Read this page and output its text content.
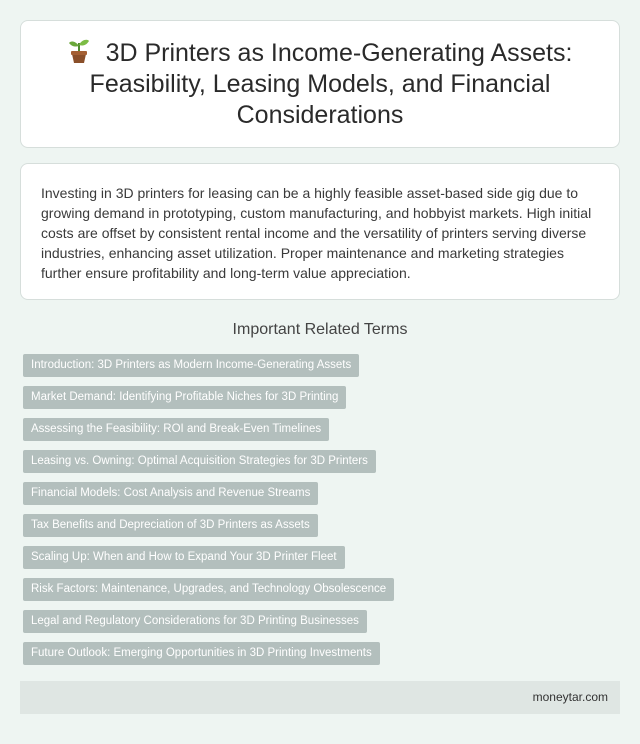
3D Printers as Income-Generating Assets: Feasibility, Leasing Models, and Financial Considerations

Investing in 3D printers for leasing can be a highly feasible asset-based side gig due to growing demand in prototyping, custom manufacturing, and hobbyist markets. High initial costs are offset by consistent rental income and the versatility of printers serving diverse industries, enhancing asset utilization. Proper maintenance and marketing strategies further ensure profitability and long-term value appreciation.

Important Related Terms
Introduction: 3D Printers as Modern Income-Generating Assets
Market Demand: Identifying Profitable Niches for 3D Printing
Assessing the Feasibility: ROI and Break-Even Timelines
Leasing vs. Owning: Optimal Acquisition Strategies for 3D Printers
Financial Models: Cost Analysis and Revenue Streams
Tax Benefits and Depreciation of 3D Printers as Assets
Scaling Up: When and How to Expand Your 3D Printer Fleet
Risk Factors: Maintenance, Upgrades, and Technology Obsolescence
Legal and Regulatory Considerations for 3D Printing Businesses
Future Outlook: Emerging Opportunities in 3D Printing Investments
moneytar.com
